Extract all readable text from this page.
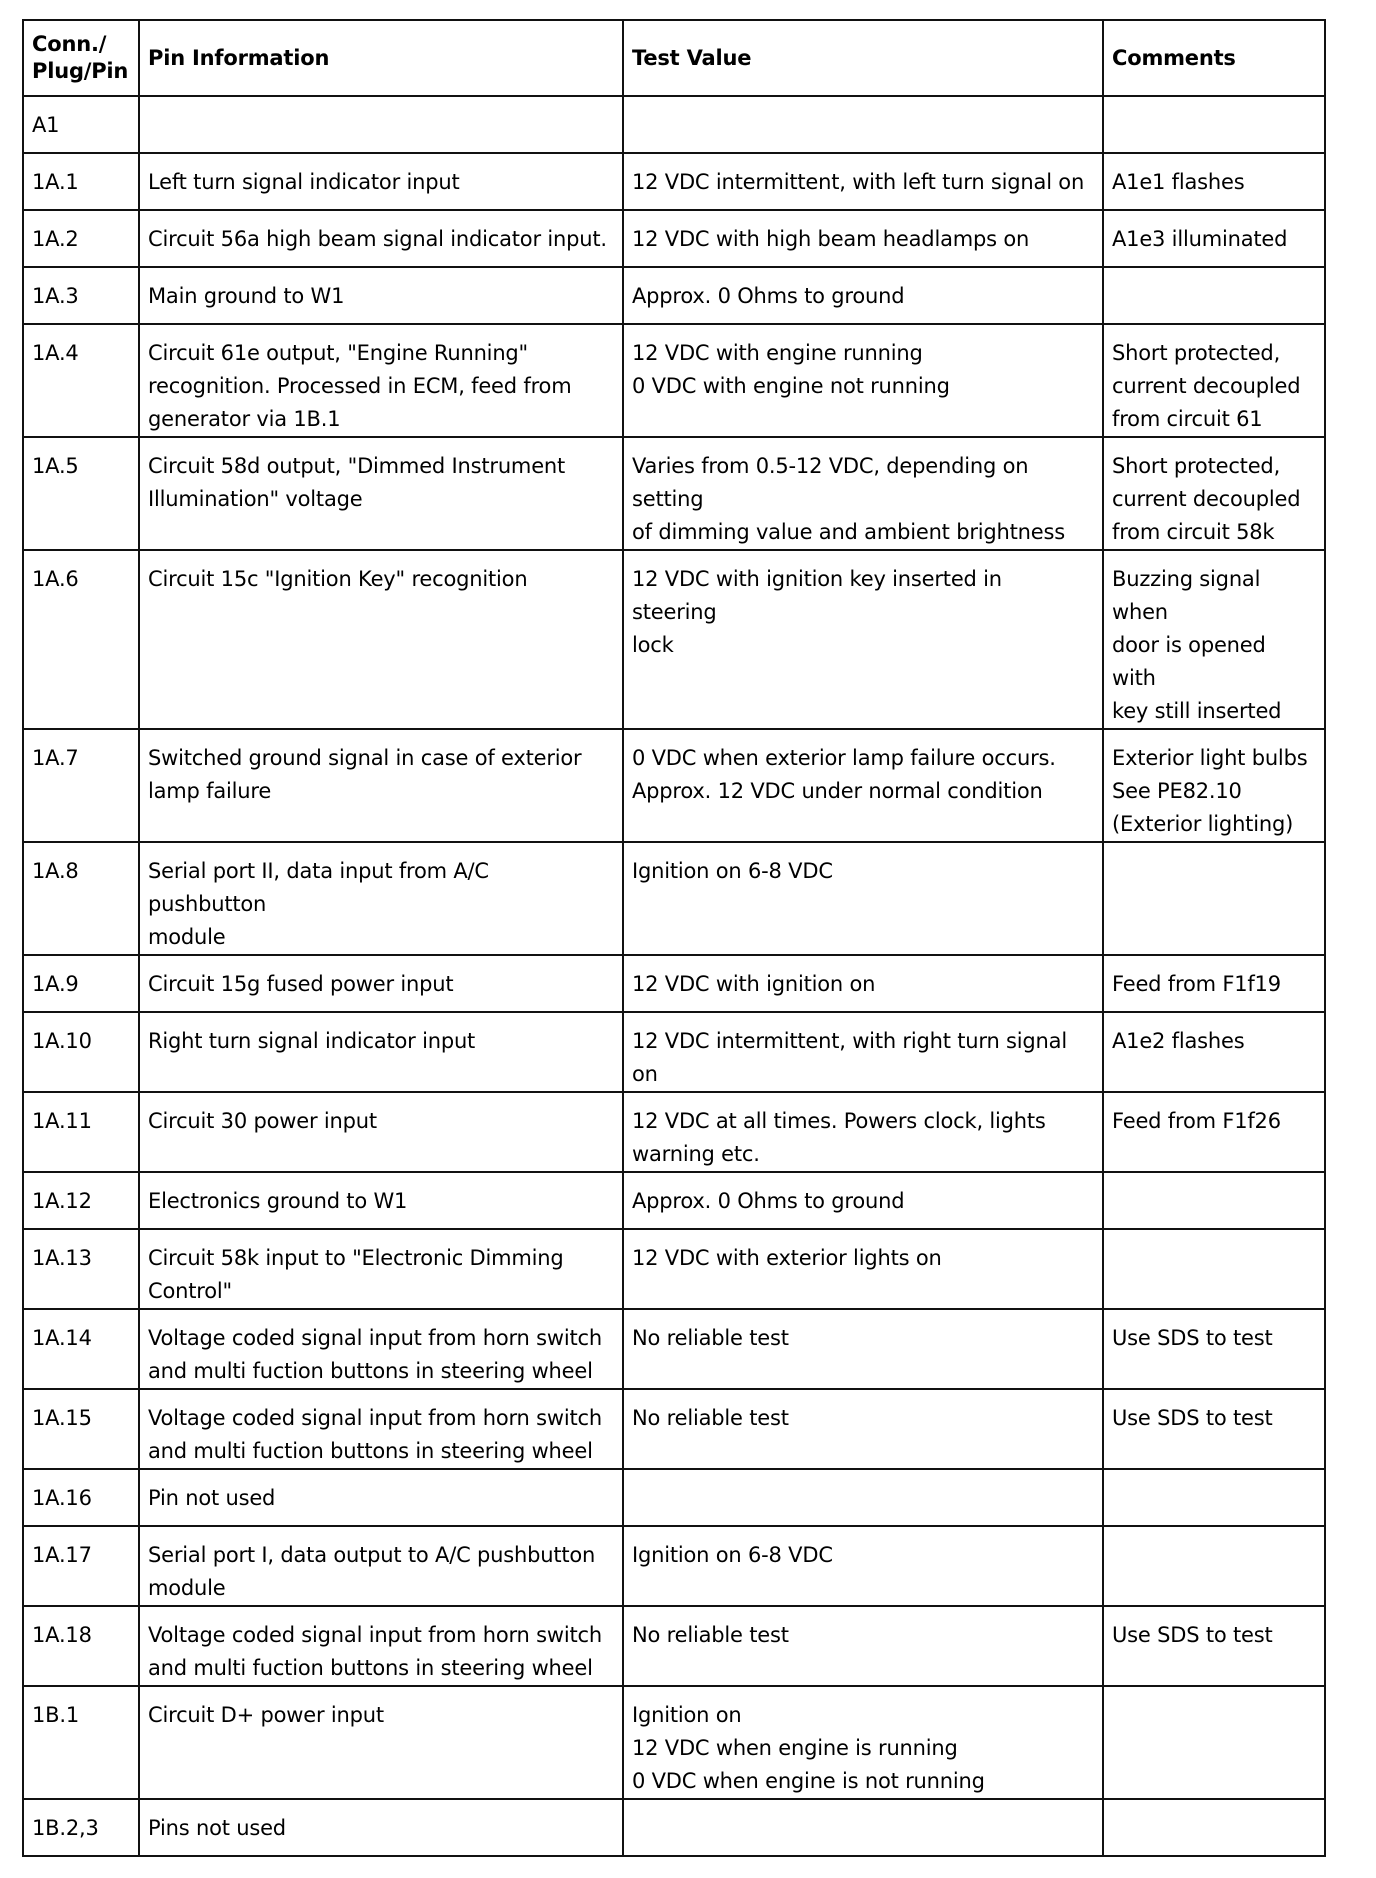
Conn./
Plug/Pin	Pin Information	Test Value	Comments

A1			

1A.1	Left turn signal indicator input	12 VDC intermittent, with left turn signal on	A1e1 flashes

1A.2	Circuit 56a high beam signal indicator input.	12 VDC with high beam headlamps on	A1e3 illuminated

1A.3	Main ground to W1	Approx. 0 Ohms to ground	

1A.4	Circuit 61e output, "Engine Running"
recognition. Processed in ECM, feed from
generator via 1B.1	12 VDC with engine running
0 VDC with engine not running	Short protected,
current decoupled
from circuit 61

1A.5	Circuit 58d output, "Dimmed Instrument
Illumination" voltage	Varies from 0.5-12 VDC, depending on setting
of dimming value and ambient brightness	Short protected,
current decoupled
from circuit 58k

1A.6	Circuit 15c "Ignition Key" recognition	12 VDC with ignition key inserted in steering
lock	Buzzing signal when
door is opened with
key still inserted

1A.7	Switched ground signal in case of exterior
lamp failure	0 VDC when exterior lamp failure occurs.
Approx. 12 VDC under normal condition	Exterior light bulbs
See PE82.10
(Exterior lighting)

1A.8	Serial port II, data input from A/C pushbutton
module	Ignition on 6-8 VDC	

1A.9	Circuit 15g fused power input	12 VDC with ignition on	Feed from F1f19

1A.10	Right turn signal indicator input	12 VDC intermittent, with right turn signal on	A1e2 flashes

1A.11	Circuit 30 power input	12 VDC at all times. Powers clock, lights
warning etc.	Feed from F1f26

1A.12	Electronics ground to W1	Approx. 0 Ohms to ground	

1A.13	Circuit 58k input to "Electronic Dimming
Control"	12 VDC with exterior lights on	

1A.14	Voltage coded signal input from horn switch
and multi fuction buttons in steering wheel	No reliable test	Use SDS to test

1A.15	Voltage coded signal input from horn switch
and multi fuction buttons in steering wheel	No reliable test	Use SDS to test

1A.16	Pin not used		

1A.17	Serial port I, data output to A/C pushbutton
module	Ignition on 6-8 VDC	

1A.18	Voltage coded signal input from horn switch
and multi fuction buttons in steering wheel	No reliable test	Use SDS to test

1B.1	Circuit D+ power input	Ignition on
12 VDC when engine is running
0 VDC when engine is not running	

1B.2,3	Pins not used		
